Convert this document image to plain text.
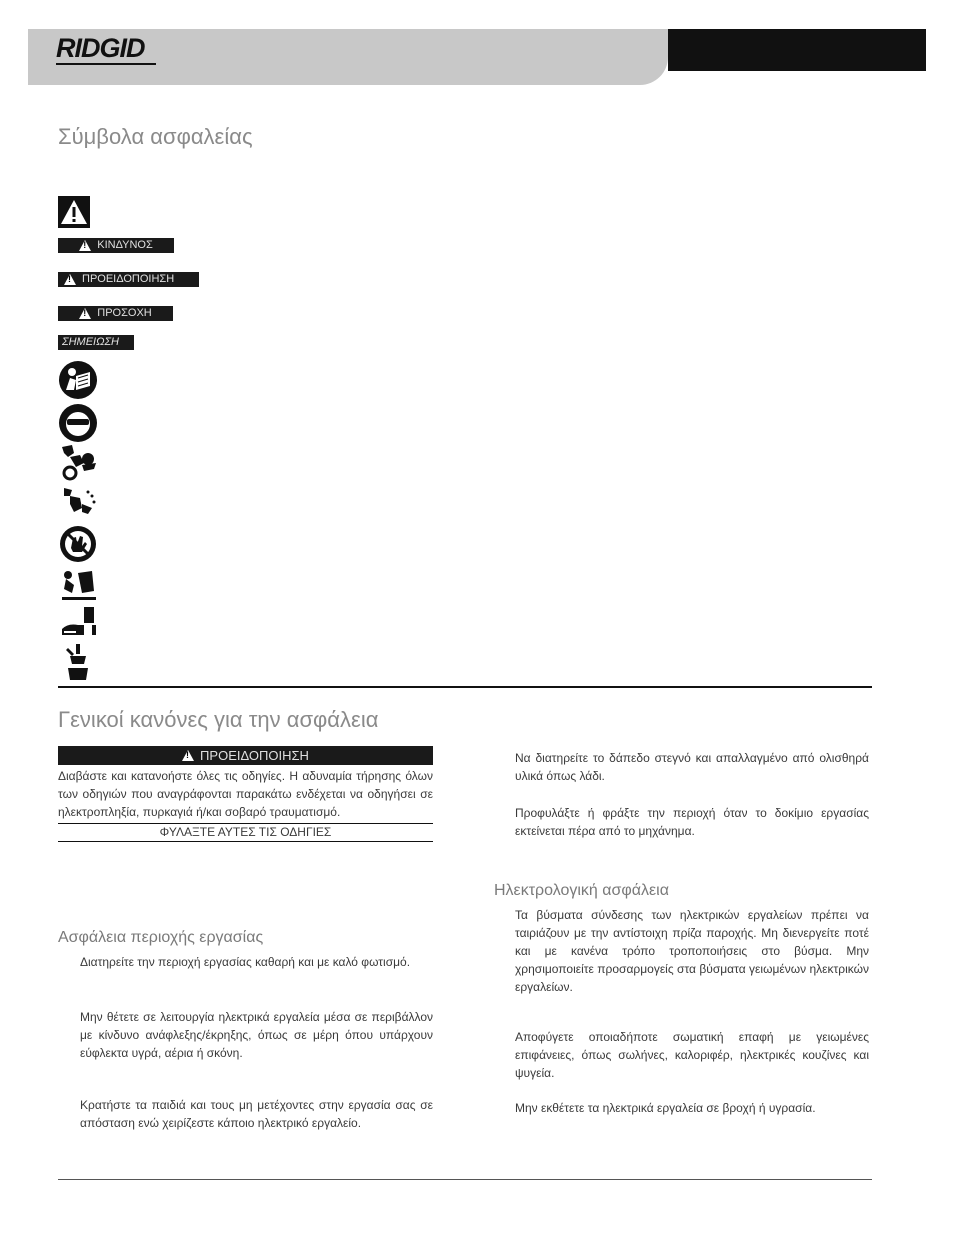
RIDGID
Σύμβολα ασφαλείας
!
ΚΙΝΔΥΝΟΣ
!
ΠΡΟΕΙΔΟΠΟΙΗΣΗ
!
ΠΡΟΣΟΧΗ
ΣΗΜΕΙΩΣΗ
Γενικοί κανόνες για την ασφάλεια
!
ΠΡΟΕΙΔΟΠΟΙΗΣΗ
Διαβάστε και κατανοήστε όλες τις οδηγίες. Η αδυναμία τήρησης όλων των οδηγιών που αναγράφονται παρακάτω ενδέχεται να οδηγήσει σε ηλεκτροπληξία, πυρκαγιά ή/και σοβαρό τραυματισμό.
ΦΥΛΑΞΤΕ ΑΥΤΕΣ ΤΙΣ ΟΔΗΓΙΕΣ
Ασφάλεια περιοχής εργασίας
Διατηρείτε την περιοχή εργασίας καθαρή και με καλό φωτισμό.
Μην θέτετε σε λειτουργία ηλεκτρικά εργαλεία μέσα σε περιβάλλον με κίνδυνο ανάφλεξης/έκρηξης, όπως σε μέρη όπου υπάρχουν εύφλεκτα υγρά, αέρια ή σκόνη.
Κρατήστε τα παιδιά και τους μη μετέχοντες στην εργασία σας σε απόσταση ενώ χειρίζεστε κάποιο ηλεκτρικό εργαλείο.
Να διατηρείτε το δάπεδο στεγνό και απαλλαγμένο από ολισθηρά υλικά όπως λάδι.
Προφυλάξτε ή φράξτε την περιοχή όταν το δοκίμιο εργασίας εκτείνεται πέρα από το μηχάνημα.
Ηλεκτρολογική ασφάλεια
Τα βύσματα σύνδεσης των ηλεκτρικών εργαλείων πρέπει να ταιριάζουν με την αντίστοιχη πρίζα παροχής. Μη διενεργείτε ποτέ και με κανένα τρόπο τροποποιήσεις στο βύσμα. Μην χρησιμοποιείτε προσαρμογείς στα βύσματα γειωμένων ηλεκτρικών εργαλείων.
Αποφύγετε οποιαδήποτε σωματική επαφή με γειωμένες επιφάνειες, όπως σωλήνες, καλοριφέρ, ηλεκτρικές κουζίνες και ψυγεία.
Μην εκθέτετε τα ηλεκτρικά εργαλεία σε βροχή ή υγρασία.
